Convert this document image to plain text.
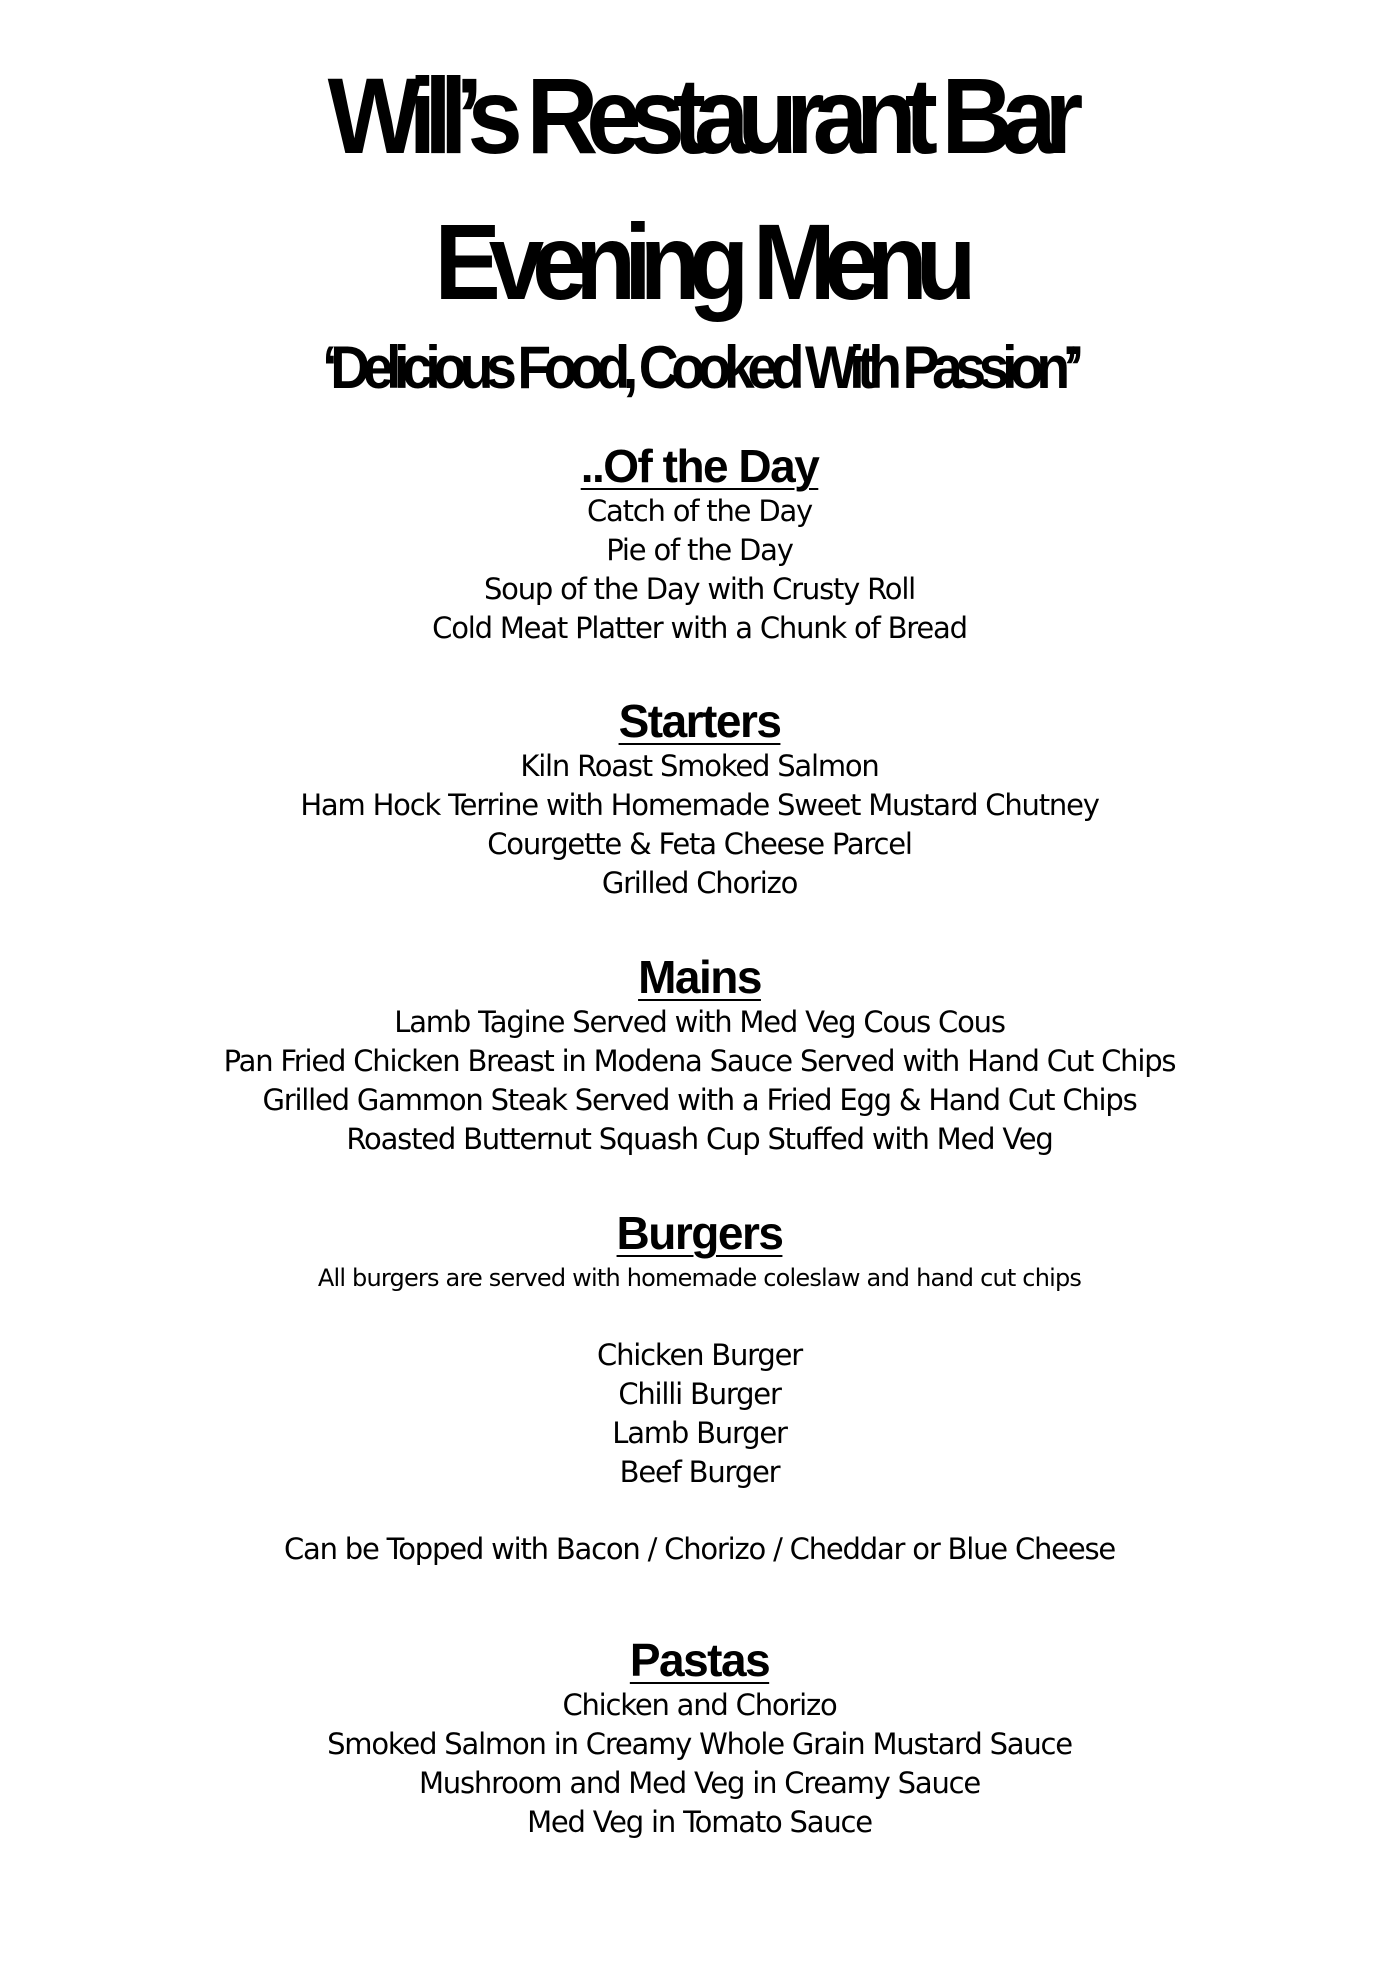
Will’s Restaurant Bar
Evening Menu
‘Delicious Food, Cooked With Passion’’
..Of the Day
Catch of the Day
Pie of the Day
Soup of the Day with Crusty Roll
Cold Meat Platter with a Chunk of Bread
Starters
Kiln Roast Smoked Salmon
Ham Hock Terrine with Homemade Sweet Mustard Chutney
Courgette & Feta Cheese Parcel
Grilled Chorizo
Mains
Lamb Tagine Served with Med Veg Cous Cous
Pan Fried Chicken Breast in Modena Sauce Served with Hand Cut Chips
Grilled Gammon Steak Served with a Fried Egg & Hand Cut Chips
Roasted Butternut Squash Cup Stuffed with Med Veg
Burgers
All burgers are served with homemade coleslaw and hand cut chips
Chicken Burger
Chilli Burger
Lamb Burger
Beef Burger
Can be Topped with Bacon / Chorizo / Cheddar or Blue Cheese
Pastas
Chicken and Chorizo
Smoked Salmon in Creamy Whole Grain Mustard Sauce
Mushroom and Med Veg in Creamy Sauce
Med Veg in Tomato Sauce
